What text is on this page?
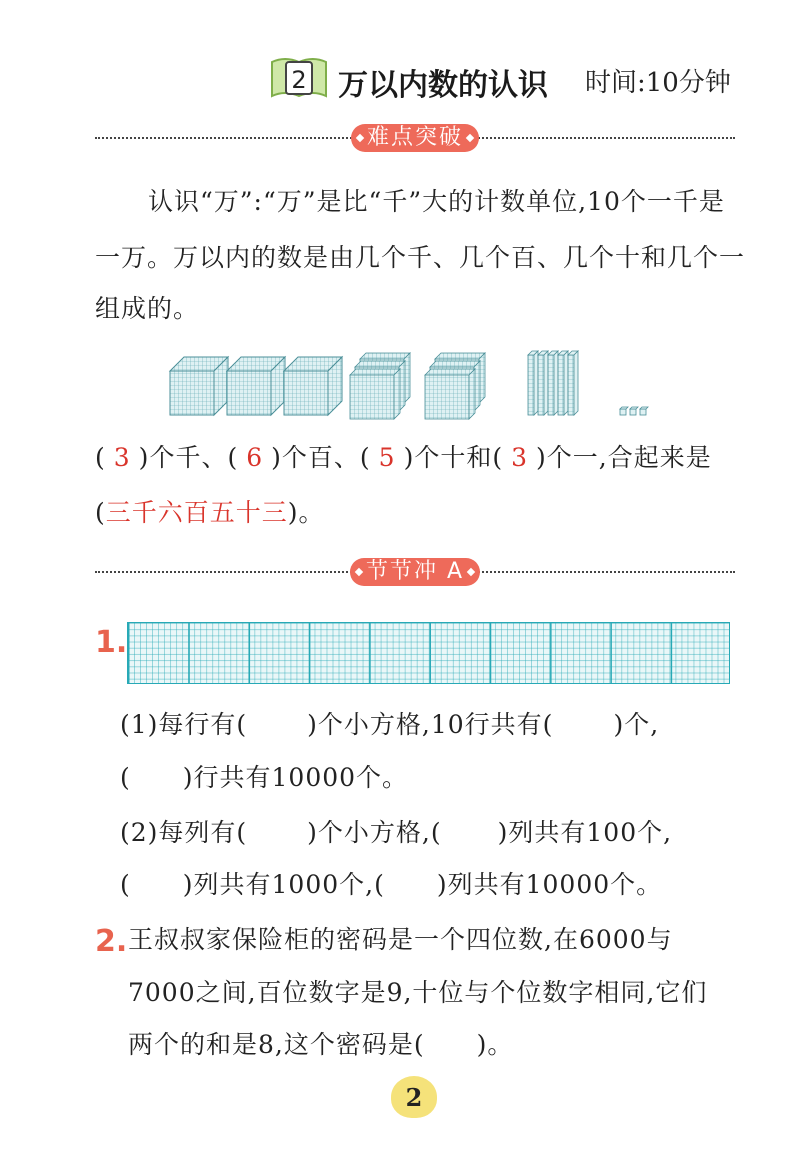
2 万以内数的认识 时间:10分钟
难点突破
认识“万”:“万”是比“千”大的计数单位,10个一千是
一万。万以内的数是由几个千、几个百、几个十和几个一
组成的。
( 3 )个千、( 6 )个百、( 5 )个十和( 3 )个一,合起来是
(三千六百五十三)。
节节冲 A
1.
(1)每行有( )个小方格,10行共有( )个,
( )行共有10000个。
(2)每列有( )个小方格,( )列共有100个,
( )列共有1000个,( )列共有10000个。
2. 王叔叔家保险柜的密码是一个四位数,在6000与
7000之间,百位数字是9,十位与个位数字相同,它们
两个的和是8,这个密码是( )。
2
